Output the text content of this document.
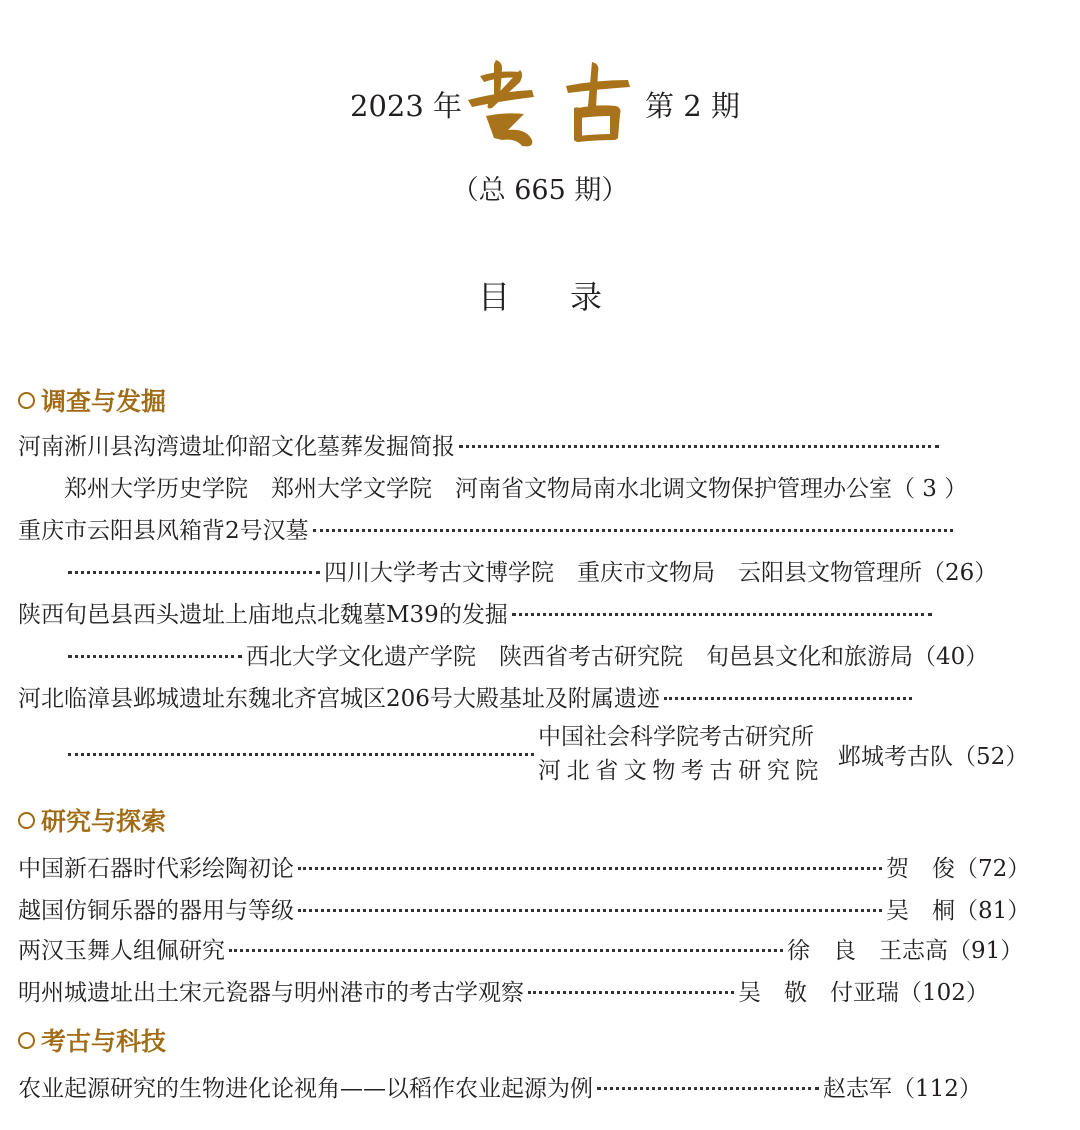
2023 年	第 2 期
（总 665 期）
目录
调查与发掘
河南淅川县沟湾遗址仰韶文化墓葬发掘简报
郑州大学历史学院　郑州大学文学院　河南省文物局南水北调文物保护管理办公室 （ 3 ）
重庆市云阳县风箱背2号汉墓
四川大学考古文博学院　重庆市文物局　云阳县文物管理所 （26）
陕西旬邑县西头遗址上庙地点北魏墓M39的发掘
西北大学文化遗产学院　陕西省考古研究院　旬邑县文化和旅游局 （40）
河北临漳县邺城遗址东魏北齐宫城区206号大殿基址及附属遗迹
中国社会科学院考古研究所
河北省文物考古研究院
邺城考古队 （52）
研究与探索
中国新石器时代彩绘陶初论	贺　俊 （72）
越国仿铜乐器的器用与等级	吴　桐 （81）
两汉玉舞人组佩研究	徐　良　王志高 （91）
明州城遗址出土宋元瓷器与明州港市的考古学观察	吴　敬　付亚瑞 （102）
考古与科技
农业起源研究的生物进化论视角——以稻作农业起源为例	赵志军 （112）
